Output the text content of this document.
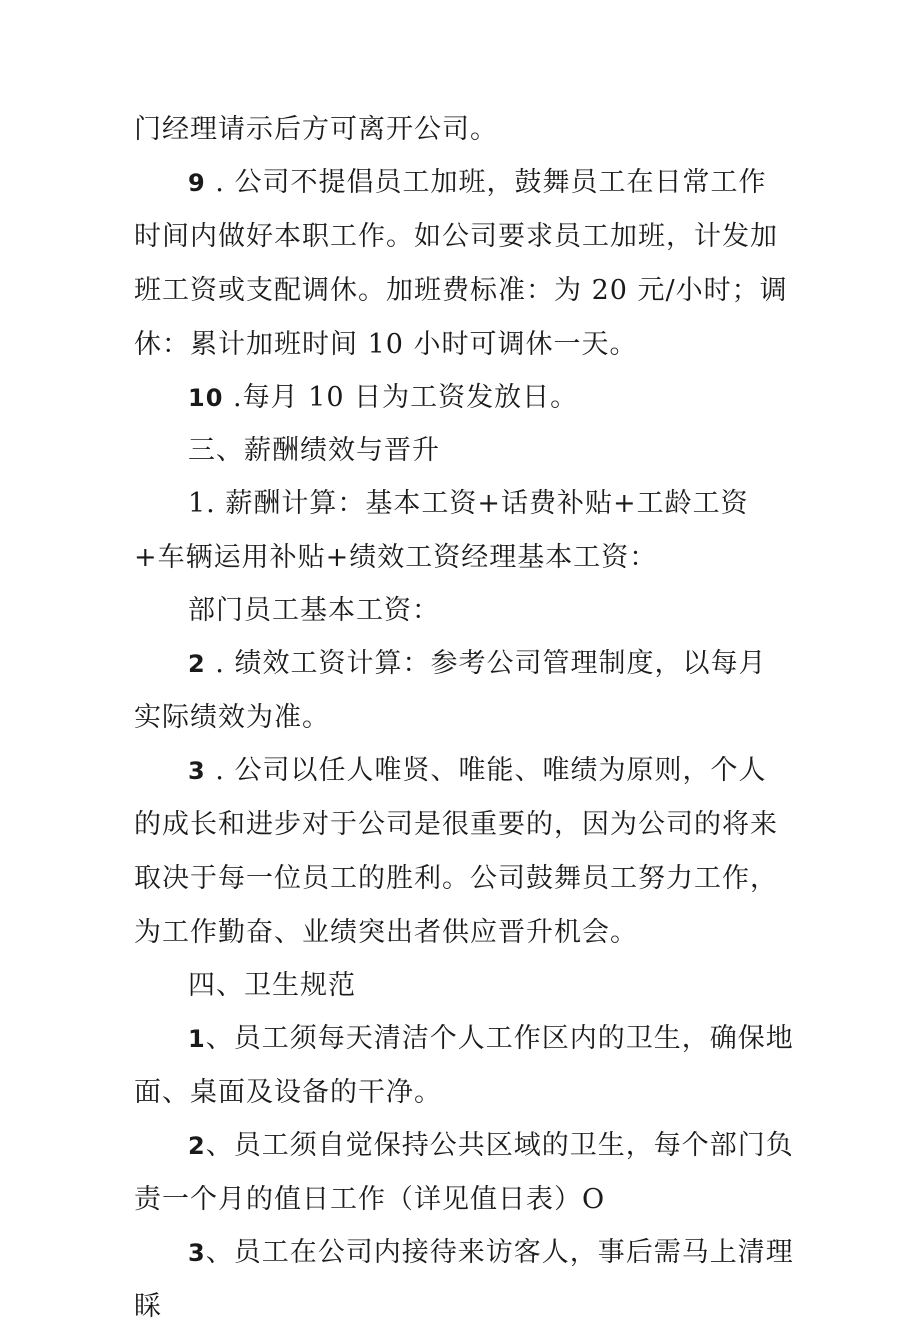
门经理请示后方可离开公司。

9 . 公司不提倡员工加班，鼓舞员工在日常工作时间内做好本职工作。如公司要求员工加班，计发加班工资或支配调休。加班费标准：为 20 元/小时；调休：累计加班时间 10 小时可调休一天。

10 .每月 10 日为工资发放日。

三、薪酬绩效与晋升

1. 薪酬计算：基本工资+话费补贴+工龄工资+车辆运用补贴+绩效工资经理基本工资：

部门员工基本工资：

2 . 绩效工资计算：参考公司管理制度，以每月实际绩效为准。

3 . 公司以任人唯贤、唯能、唯绩为原则，个人的成长和进步对于公司是很重要的，因为公司的将来取决于每一位员工的胜利。公司鼓舞员工努力工作，为工作勤奋、业绩突出者供应晋升机会。

四、卫生规范

1、员工须每天清洁个人工作区内的卫生，确保地面、桌面及设备的干净。

2、员工须自觉保持公共区域的卫生，每个部门负责一个月的值日工作（详见值日表）O

3、员工在公司内接待来访客人，事后需马上清理睬
